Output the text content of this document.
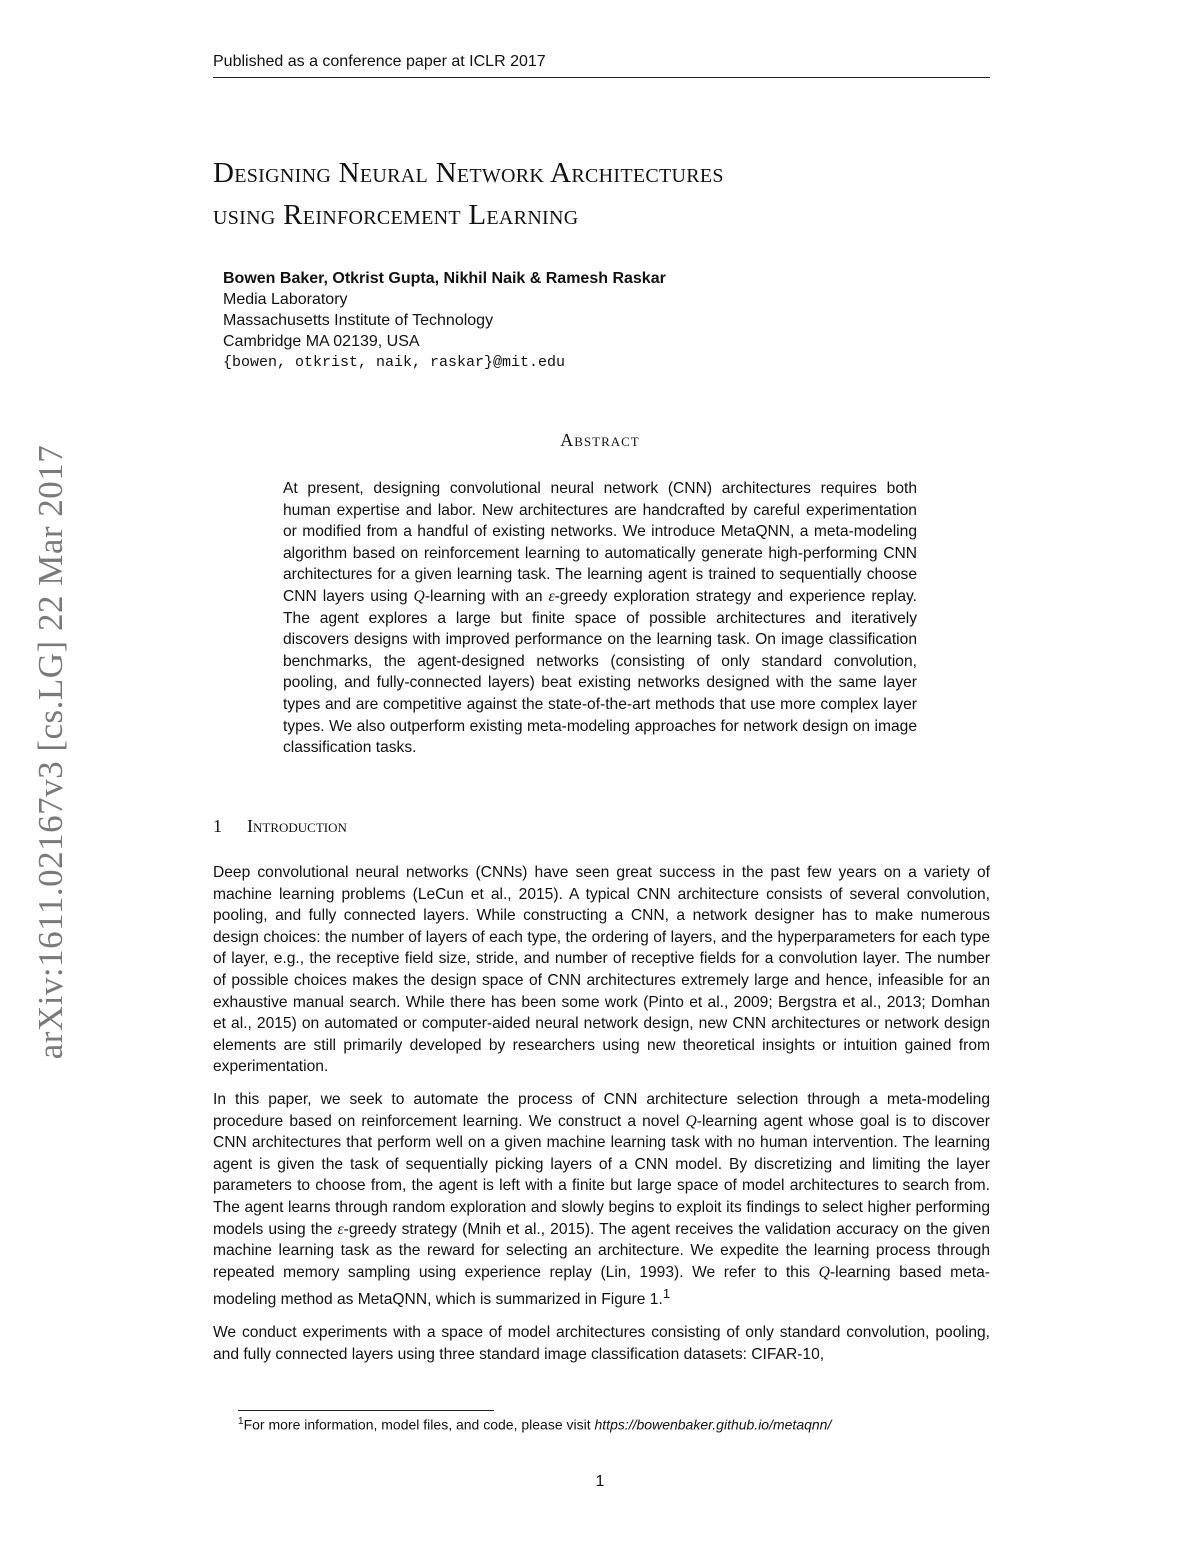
Published as a conference paper at ICLR 2017
arXiv:1611.02167v3 [cs.LG] 22 Mar 2017
Designing Neural Network Architectures
using Reinforcement Learning
Bowen Baker, Otkrist Gupta, Nikhil Naik & Ramesh Raskar
Media Laboratory
Massachusetts Institute of Technology
Cambridge MA 02139, USA
{bowen, otkrist, naik, raskar}@mit.edu
Abstract
At present, designing convolutional neural network (CNN) architectures requires both human expertise and labor. New architectures are handcrafted by careful experimentation or modified from a handful of existing networks. We introduce MetaQNN, a meta-modeling algorithm based on reinforcement learning to automatically generate high-performing CNN architectures for a given learning task. The learning agent is trained to sequentially choose CNN layers using Q-learning with an ε-greedy exploration strategy and experience replay. The agent explores a large but finite space of possible architectures and iteratively discovers designs with improved performance on the learning task. On image classification benchmarks, the agent-designed networks (consisting of only standard convolution, pooling, and fully-connected layers) beat existing networks designed with the same layer types and are competitive against the state-of-the-art methods that use more complex layer types. We also outperform existing meta-modeling approaches for network design on image classification tasks.
1 Introduction

Deep convolutional neural networks (CNNs) have seen great success in the past few years on a variety of machine learning problems (LeCun et al., 2015). A typical CNN architecture consists of several convolution, pooling, and fully connected layers. While constructing a CNN, a network designer has to make numerous design choices: the number of layers of each type, the ordering of layers, and the hyperparameters for each type of layer, e.g., the receptive field size, stride, and number of receptive fields for a convolution layer. The number of possible choices makes the design space of CNN architectures extremely large and hence, infeasible for an exhaustive manual search. While there has been some work (Pinto et al., 2009; Bergstra et al., 2013; Domhan et al., 2015) on automated or computer-aided neural network design, new CNN architectures or network design elements are still primarily developed by researchers using new theoretical insights or intuition gained from experimentation.

In this paper, we seek to automate the process of CNN architecture selection through a meta-modeling procedure based on reinforcement learning. We construct a novel Q-learning agent whose goal is to discover CNN architectures that perform well on a given machine learning task with no human intervention. The learning agent is given the task of sequentially picking layers of a CNN model. By discretizing and limiting the layer parameters to choose from, the agent is left with a finite but large space of model architectures to search from. The agent learns through random exploration and slowly begins to exploit its findings to select higher performing models using the ε-greedy strategy (Mnih et al., 2015). The agent receives the validation accuracy on the given machine learning task as the reward for selecting an architecture. We expedite the learning process through repeated memory sampling using experience replay (Lin, 1993). We refer to this Q-learning based meta-modeling method as MetaQNN, which is summarized in Figure 1.$^1$

We conduct experiments with a space of model architectures consisting of only standard convolution, pooling, and fully connected layers using three standard image classification datasets: CIFAR-10,

$^1$For more information, model files, and code, please visit https://bowenbaker.github.io/metaqnn/
1
